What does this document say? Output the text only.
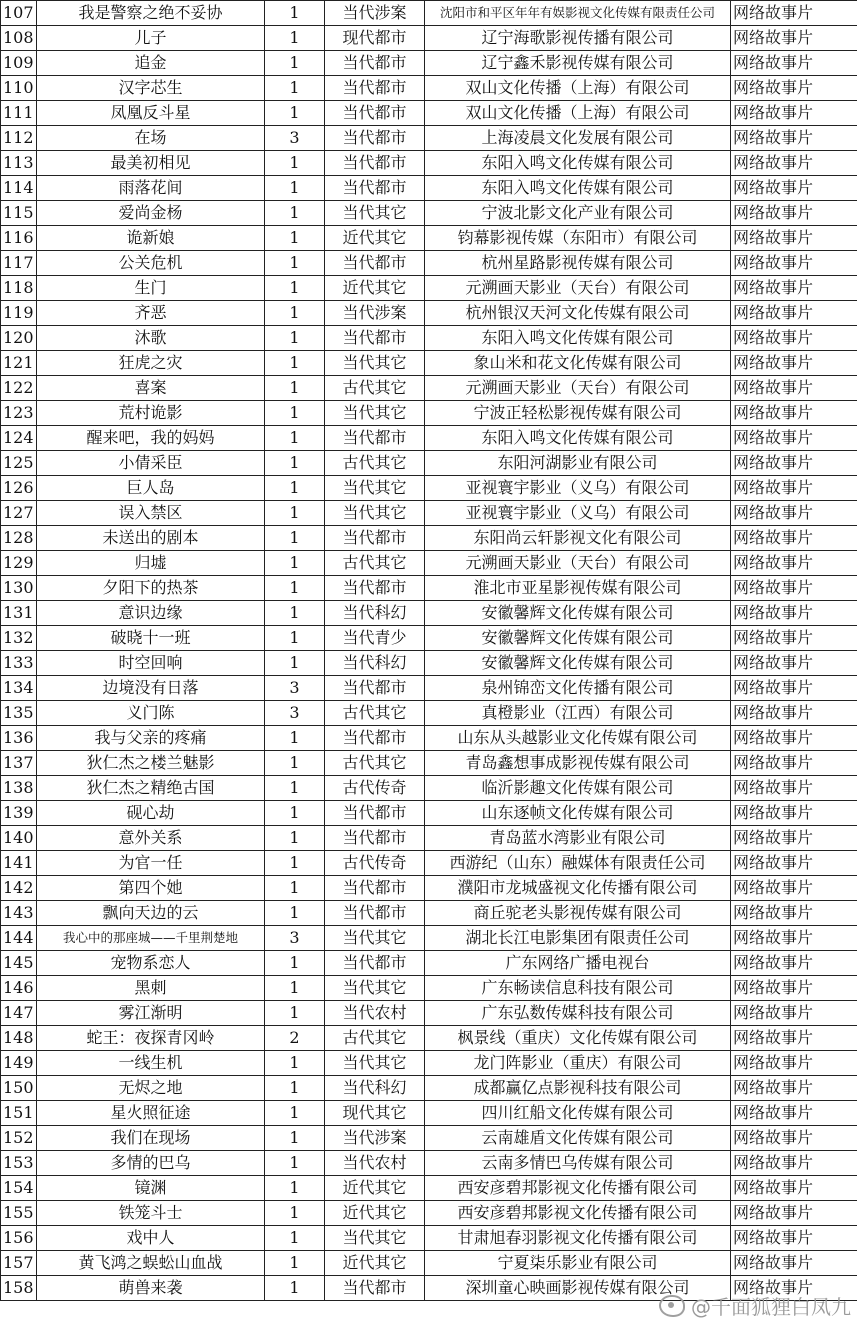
107	我是警察之绝不妥协	1	当代涉案	沈阳市和平区年年有娱影视文化传媒有限责任公司	网络故事片
108	儿子	1	现代都市	辽宁海歌影视传播有限公司	网络故事片
109	追金	1	当代都市	辽宁鑫禾影视传媒有限公司	网络故事片
110	汉字芯生	1	当代都市	双山文化传播（上海）有限公司	网络故事片
111	凤凰反斗星	1	当代都市	双山文化传播（上海）有限公司	网络故事片
112	在场	3	当代都市	上海凌晨文化发展有限公司	网络故事片
113	最美初相见	1	当代都市	东阳入鸣文化传媒有限公司	网络故事片
114	雨落花间	1	当代都市	东阳入鸣文化传媒有限公司	网络故事片
115	爱尚金杨	1	当代其它	宁波北影文化产业有限公司	网络故事片
116	诡新娘	1	近代其它	钧幕影视传媒（东阳市）有限公司	网络故事片
117	公关危机	1	当代都市	杭州星路影视传媒有限公司	网络故事片
118	生门	1	近代其它	元溯画天影业（天台）有限公司	网络故事片
119	齐恶	1	当代涉案	杭州银汉天河文化传媒有限公司	网络故事片
120	沐歌	1	当代都市	东阳入鸣文化传媒有限公司	网络故事片
121	狂虎之灾	1	当代其它	象山米和花文化传媒有限公司	网络故事片
122	喜案	1	古代其它	元溯画天影业（天台）有限公司	网络故事片
123	荒村诡影	1	当代其它	宁波正轻松影视传媒有限公司	网络故事片
124	醒来吧，我的妈妈	1	当代都市	东阳入鸣文化传媒有限公司	网络故事片
125	小倩采臣	1	古代其它	东阳河湖影业有限公司	网络故事片
126	巨人岛	1	当代其它	亚视寰宇影业（义乌）有限公司	网络故事片
127	误入禁区	1	当代其它	亚视寰宇影业（义乌）有限公司	网络故事片
128	未送出的剧本	1	当代都市	东阳尚云轩影视文化有限公司	网络故事片
129	归墟	1	古代其它	元溯画天影业（天台）有限公司	网络故事片
130	夕阳下的热茶	1	当代都市	淮北市亚星影视传媒有限公司	网络故事片
131	意识边缘	1	当代科幻	安徽馨辉文化传媒有限公司	网络故事片
132	破晓十一班	1	当代青少	安徽馨辉文化传媒有限公司	网络故事片
133	时空回响	1	当代科幻	安徽馨辉文化传媒有限公司	网络故事片
134	边境没有日落	3	当代都市	泉州锦峦文化传播有限公司	网络故事片
135	义门陈	3	古代其它	真橙影业（江西）有限公司	网络故事片
136	我与父亲的疼痛	1	当代都市	山东从头越影业文化传媒有限公司	网络故事片
137	狄仁杰之楼兰魅影	1	古代其它	青岛鑫想事成影视传媒有限公司	网络故事片
138	狄仁杰之精绝古国	1	古代传奇	临沂影趣文化传媒有限公司	网络故事片
139	砚心劫	1	当代都市	山东逐帧文化传媒有限公司	网络故事片
140	意外关系	1	当代都市	青岛蓝水湾影业有限公司	网络故事片
141	为官一任	1	古代传奇	西游纪（山东）融媒体有限责任公司	网络故事片
142	第四个她	1	当代都市	濮阳市龙城盛视文化传播有限公司	网络故事片
143	飘向天边的云	1	当代都市	商丘驼老头影视传媒有限公司	网络故事片
144	我心中的那座城——千里荆楚地	3	当代其它	湖北长江电影集团有限责任公司	网络故事片
145	宠物系恋人	1	当代都市	广东网络广播电视台	网络故事片
146	黑刺	1	当代其它	广东畅读信息科技有限公司	网络故事片
147	雾江渐明	1	当代农村	广东弘数传媒科技有限公司	网络故事片
148	蛇王：夜探青冈岭	2	古代其它	枫景线（重庆）文化传媒有限公司	网络故事片
149	一线生机	1	当代其它	龙门阵影业（重庆）有限公司	网络故事片
150	无烬之地	1	当代科幻	成都赢亿点影视科技有限公司	网络故事片
151	星火照征途	1	现代其它	四川红船文化传媒有限公司	网络故事片
152	我们在现场	1	当代涉案	云南雄盾文化传媒有限公司	网络故事片
153	多情的巴乌	1	当代农村	云南多情巴乌传媒有限公司	网络故事片
154	镜渊	1	近代其它	西安彦碧邦影视文化传播有限公司	网络故事片
155	铁笼斗士	1	近代其它	西安彦碧邦影视文化传播有限公司	网络故事片
156	戏中人	1	当代其它	甘肃旭春羽影视文化传播有限公司	网络故事片
157	黄飞鸿之蜈蚣山血战	1	近代其它	宁夏柒乐影业有限公司	网络故事片
158	萌兽来袭	1	当代都市	深圳童心映画影视传媒有限公司	网络故事片
@千面狐狸白凤九
